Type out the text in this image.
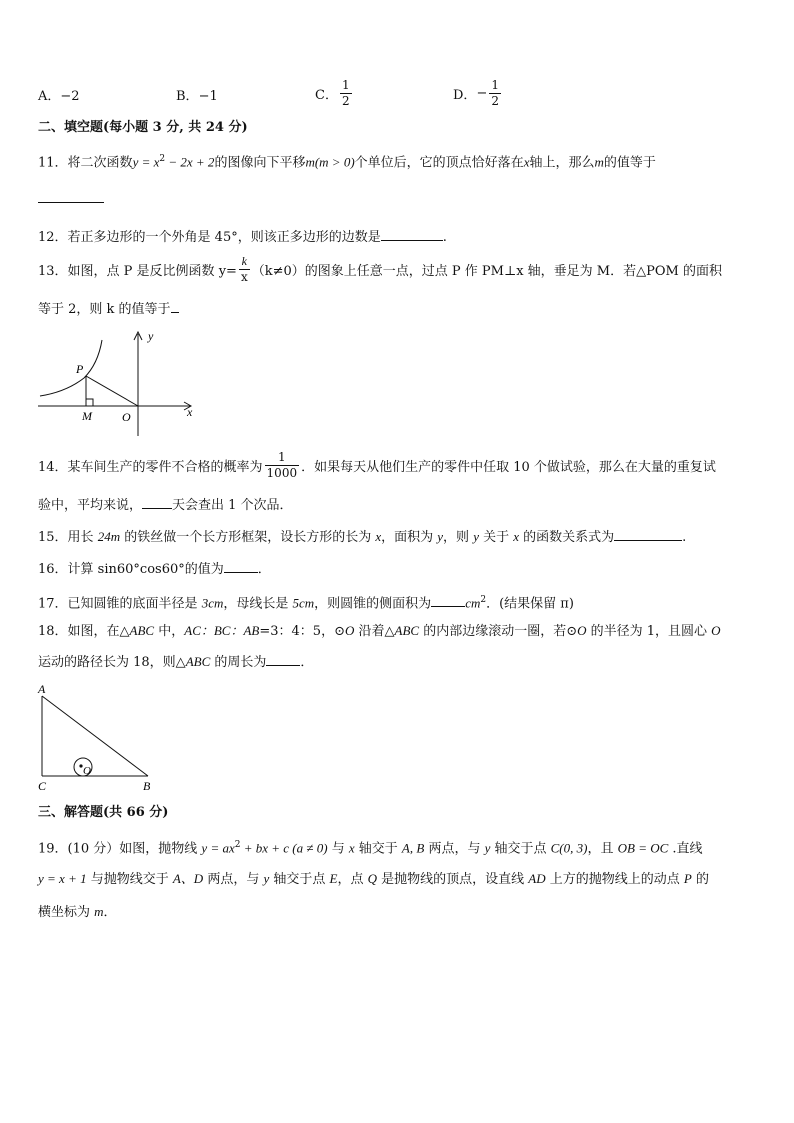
A．−2	B．−1	C． $\frac{1}{2}$	D．− $\frac{1}{2}$
二、填空题(每小题 3 分, 共 24 分)
11．将二次函数$y = x^2 - 2x + 2$的图像向下平移m(m > 0)个单位后，它的顶点恰好落在x轴上，那么m的值等于
12．若正多边形的一个外角是 45°，则该正多边形的边数是	.
13．如图，点 P 是反比例函数 $y= \frac{k}{x} (k\ne 0)$的图象上任意一点，过点 P 作 PM⊥x 轴，垂足为 M．若△POM 的面积
等于 2，则 k 的值等于
y
x
P
M	O
14．某车间生产的零件不合格的概率为 $\frac{1}{1000}$ ．如果每天从他们生产的零件中任取 10 个做试验，那么在大量的重复试
验中，平均来说， 天会查出 1 个次品．
15．用长 24m 的铁丝做一个长方形框架，设长方形的长为 x，面积为 y，则 y 关于 x 的函数关系式为	.
16．计算 sin60°cos60°的值为	．
17．已知圆锥的底面半径是 3cm，母线长是 5cm，则圆锥的侧面积为	$cm^2$．(结果保留 π)
18．如图，在△ABC 中，AC：BC：AB=3：4：5，⊙O 沿着△ABC 的内部边缘滚动一圈，若⊙O 的半径为 1，且圆心 O
运动的路径长为 18，则△ABC 的周长为	．
A
C	B
O
三、解答题(共 66 分)
19．(10 分）如图，抛物线 $y = ax^2$ + bx + c (a ≠ 0) 与 x 轴交于 A, B 两点，与 y 轴交于点 C(0, 3)，且 OB = OC .直线
y = x + 1 与抛物线交于 A、D 两点，与 y 轴交于点 E，点 Q 是抛物线的顶点，设直线 AD 上方的抛物线上的动点 P 的
横坐标为 m．
